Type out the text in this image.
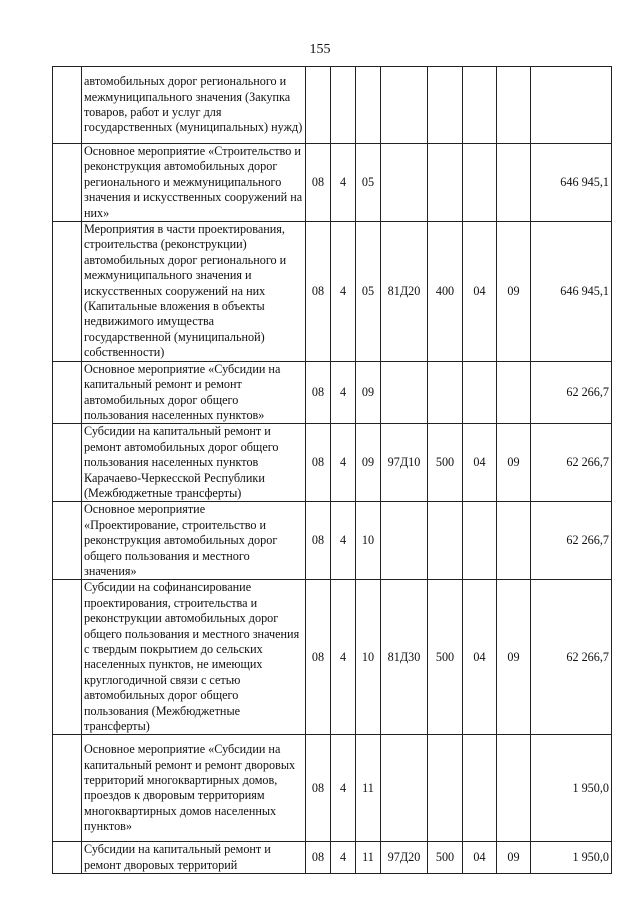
155
	автомобильных дорог регионального и межмуниципального значения (Закупка товаров, работ и услуг для государственных (муниципальных) нужд)								
	Основное мероприятие «Строительство и реконструкция автомобильных дорог регионального и межмуниципального значения и искусственных сооружений на них»	08	4	05					646 945,1
	Мероприятия в части проектирования, строительства (реконструкции) автомобильных дорог регионального и межмуниципального значения и искусственных сооружений на них (Капитальные вложения в объекты недвижимого имущества государственной (муниципальной) собственности)	08	4	05	81Д20	400	04	09	646 945,1
	Основное мероприятие «Субсидии на капитальный ремонт и ремонт автомобильных дорог общего пользования населенных пунктов»	08	4	09					62 266,7
	Субсидии на капитальный ремонт и ремонт автомобильных дорог общего пользования населенных пунктов Карачаево-Черкесской Республики (Межбюджетные трансферты)	08	4	09	97Д10	500	04	09	62 266,7
	Основное мероприятие «Проектирование, строительство и реконструкция автомобильных дорог общего пользования и местного значения»	08	4	10					62 266,7
	Субсидии на софинансирование проектирования, строительства и реконструкции автомобильных дорог общего пользования и местного значения с твердым покрытием до сельских населенных пунктов, не имеющих круглогодичной связи с сетью автомобильных дорог общего пользования (Межбюджетные трансферты)	08	4	10	81Д30	500	04	09	62 266,7
	Основное мероприятие «Субсидии на капитальный ремонт и ремонт дворовых территорий многоквартирных домов, проездов к дворовым территориям многоквартирных домов населенных пунктов»	08	4	11					1 950,0
	Субсидии на капитальный ремонт и ремонт дворовых территорий	08	4	11	97Д20	500	04	09	1 950,0
